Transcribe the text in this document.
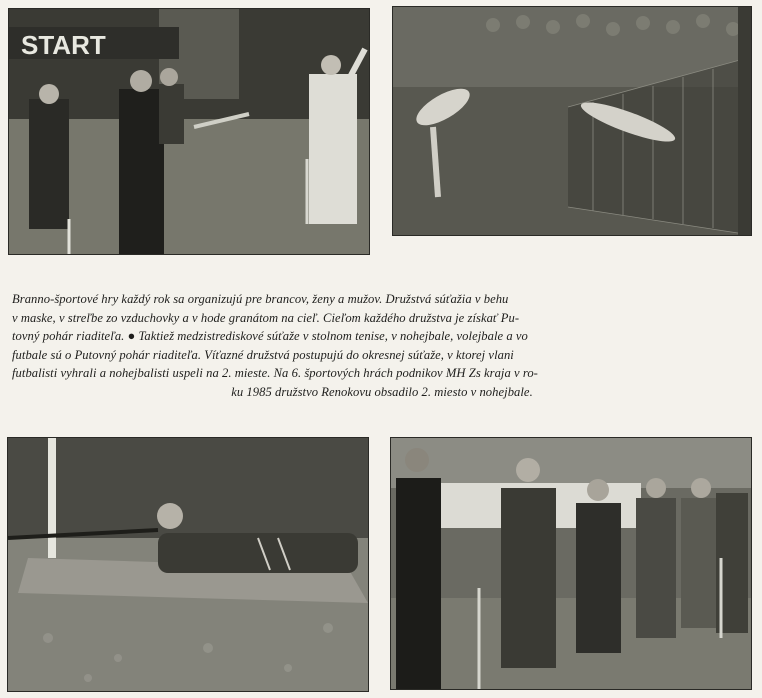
START
Branno-športové hry každý rok sa organizujú pre brancov, ženy a mužov. Družstvá súťažia v behu
v maske, v streľbe zo vzduchovky a v hode granátom na cieľ. Cieľom každého družstva je získať Pu-
tovný pohár riaditeľa. ● Taktiež medzistrediskové súťaže v stolnom tenise, v nohejbale, volejbale a vo
futbale sú o Putovný pohár riaditeľa. Víťazné družstvá postupujú do okresnej súťaže, v ktorej vlani
futbalisti vyhrali a nohejbalisti uspeli na 2. mieste. Na 6. športových hrách podnikov MH Zs kraja v ro-
ku 1985 družstvo Renokovu obsadilo 2. miesto v nohejbale.
